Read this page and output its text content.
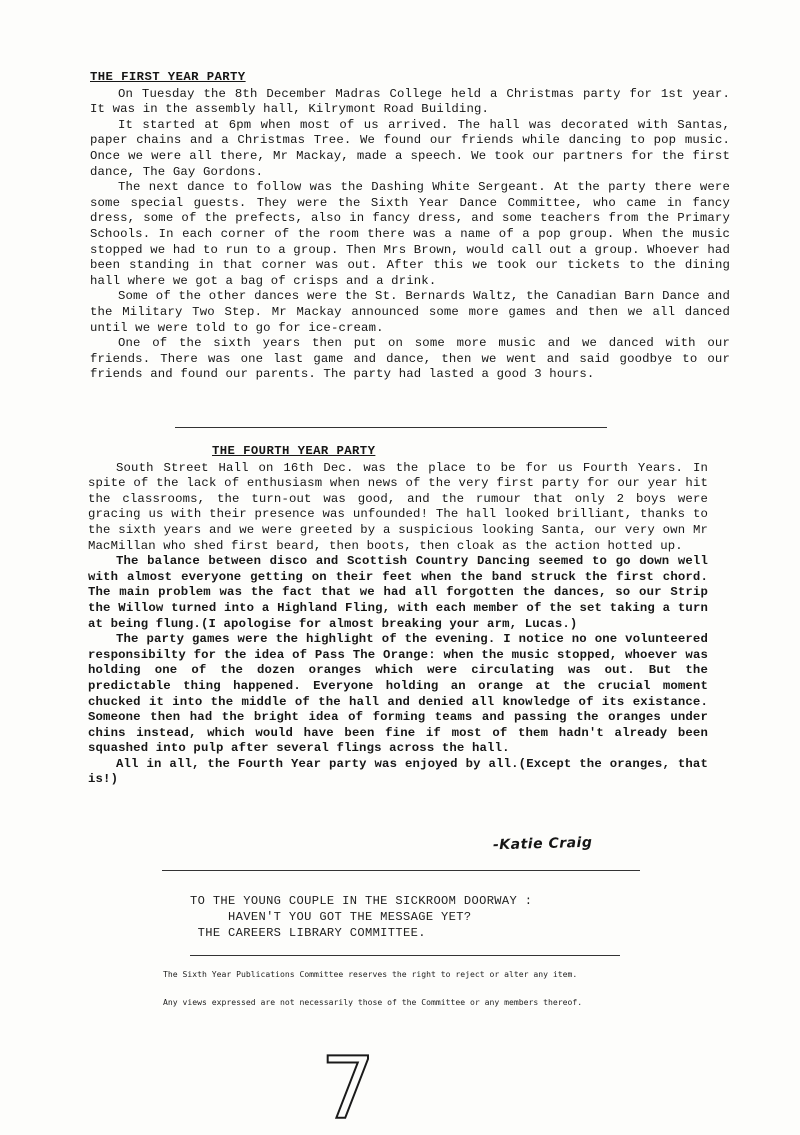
THE FIRST YEAR PARTY

On Tuesday the 8th December Madras College held a Christmas party for 1st year. It was in the assembly hall, Kilrymont Road Building.

It started at 6pm when most of us arrived. The hall was decorated with Santas, paper chains and a Christmas Tree. We found our friends while dancing to pop music. Once we were all there, Mr Mackay, made a speech. We took our partners for the first dance, The Gay Gordons.

The next dance to follow was the Dashing White Sergeant. At the party there were some special guests. They were the Sixth Year Dance Committee, who came in fancy dress, some of the prefects, also in fancy dress, and some teachers from the Primary Schools. In each corner of the room there was a name of a pop group. When the music stopped we had to run to a group. Then Mrs Brown, would call out a group. Whoever had been standing in that corner was out. After this we took our tickets to the dining hall where we got a bag of crisps and a drink.

Some of the other dances were the St. Bernards Waltz, the Canadian Barn Dance and the Military Two Step. Mr Mackay announced some more games and then we all danced until we were told to go for ice-cream.

One of the sixth years then put on some more music and we danced with our friends. There was one last game and dance, then we went and said goodbye to our friends and found our parents. The party had lasted a good 3 hours.

THE FOURTH YEAR PARTY

South Street Hall on 16th Dec. was the place to be for us Fourth Years. In spite of the lack of enthusiasm when news of the very first party for our year hit the classrooms, the turn-out was good, and the rumour that only 2 boys were gracing us with their presence was unfounded! The hall looked brilliant, thanks to the sixth years and we were greeted by a suspicious looking Santa, our very own Mr MacMillan who shed first beard, then boots, then cloak as the action hotted up.

The balance between disco and Scottish Country Dancing seemed to go down well with almost everyone getting on their feet when the band struck the first chord. The main problem was the fact that we had all forgotten the dances, so our Strip the Willow turned into a Highland Fling, with each member of the set taking a turn at being flung.(I apologise for almost breaking your arm, Lucas.)

The party games were the highlight of the evening. I notice no one volunteered responsibilty for the idea of Pass The Orange: when the music stopped, whoever was holding one of the dozen oranges which were circulating was out. But the predictable thing happened. Everyone holding an orange at the crucial moment chucked it into the middle of the hall and denied all knowledge of its existance. Someone then had the bright idea of forming teams and passing the oranges under chins instead, which would have been fine if most of them hadn't already been squashed into pulp after several flings across the hall.

All in all, the Fourth Year party was enjoyed by all.(Except the oranges, that is!)

-Katie Craig
TO THE YOUNG COUPLE IN THE SICKROOM DOORWAY :
HAVEN'T YOU GOT THE MESSAGE YET?
THE CAREERS LIBRARY COMMITTEE.
The Sixth Year Publications Committee reserves the right to reject or alter any item.
Any views expressed are not necessarily those of the Committee or any members thereof.
7
